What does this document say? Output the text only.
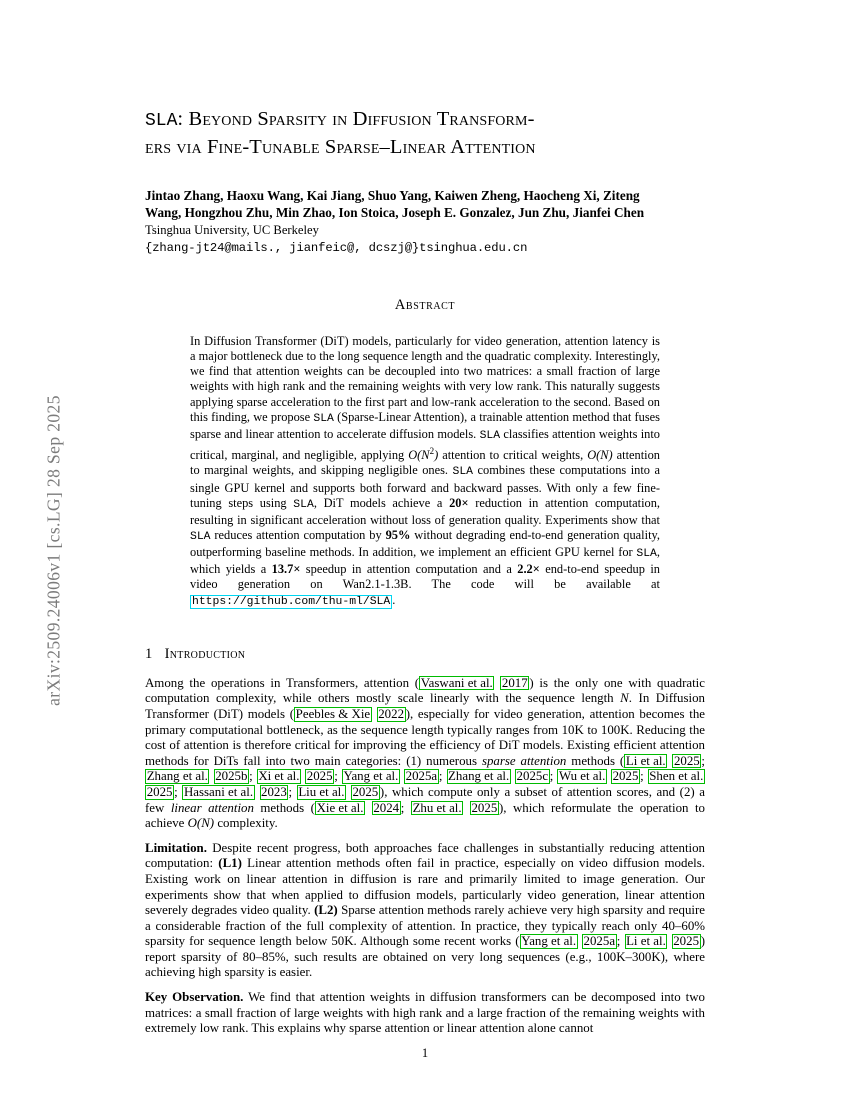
arXiv:2509.24006v1 [cs.LG] 28 Sep 2025
SLA: Beyond Sparsity in Diffusion Transform-
ers via Fine-Tunable Sparse–Linear Attention
Jintao Zhang, Haoxu Wang, Kai Jiang, Shuo Yang, Kaiwen Zheng, Haocheng Xi, Ziteng
Wang, Hongzhou Zhu, Min Zhao, Ion Stoica, Joseph E. Gonzalez, Jun Zhu, Jianfei Chen
Tsinghua University, UC Berkeley
{zhang-jt24@mails., jianfeic@, dcszj@}tsinghua.edu.cn
Abstract
In Diffusion Transformer (DiT) models, particularly for video generation, attention latency is a major bottleneck due to the long sequence length and the quadratic complexity. Interestingly, we find that attention weights can be decoupled into two matrices: a small fraction of large weights with high rank and the remaining weights with very low rank. This naturally suggests applying sparse acceleration to the first part and low-rank acceleration to the second. Based on this finding, we propose SLA (Sparse-Linear Attention), a trainable attention method that fuses sparse and linear attention to accelerate diffusion models. SLA classifies attention weights into critical, marginal, and negligible, applying $O(N^2)$ attention to critical weights, O(N) attention to marginal weights, and skipping negligible ones. SLA combines these computations into a single GPU kernel and supports both forward and backward passes. With only a few fine-tuning steps using SLA, DiT models achieve a 20× reduction in attention computation, resulting in significant acceleration without loss of generation quality. Experiments show that SLA reduces attention computation by 95% without degrading end-to-end generation quality, outperforming baseline methods. In addition, we implement an efficient GPU kernel for SLA, which yields a 13.7× speedup in attention computation and a 2.2× end-to-end speedup in video generation on Wan2.1-1.3B. The code will be available at https://github.com/thu-ml/SLA .
1 Introduction

Among the operations in Transformers, attention ( Vaswani et al. 2017 ) is the only one with quadratic computation complexity, while others mostly scale linearly with the sequence length N. In Diffusion Transformer (DiT) models ( Peebles & Xie 2022 ), especially for video generation, attention becomes the primary computational bottleneck, as the sequence length typically ranges from 10K to 100K. Reducing the cost of attention is therefore critical for improving the efficiency of DiT models. Existing efficient attention methods for DiTs fall into two main categories: (1) numerous sparse attention methods ( Li et al. 2025 ; Zhang et al. 2025b ; Xi et al. 2025 ; Yang et al. 2025a ; Zhang et al. 2025c ; Wu et al. 2025 ; Shen et al. 2025 ; Hassani et al. 2023 ; Liu et al. 2025 ), which compute only a subset of attention scores, and (2) a few linear attention methods ( Xie et al. 2024 ; Zhu et al. 2025 ), which reformulate the operation to achieve O(N) complexity.

Limitation. Despite recent progress, both approaches face challenges in substantially reducing attention computation: (L1) Linear attention methods often fail in practice, especially on video diffusion models. Existing work on linear attention in diffusion is rare and primarily limited to image generation. Our experiments show that when applied to diffusion models, particularly video generation, linear attention severely degrades video quality. (L2) Sparse attention methods rarely achieve very high sparsity and require a considerable fraction of the full complexity of attention. In practice, they typically reach only 40–60% sparsity for sequence length below 50K. Although some recent works ( Yang et al. 2025a ; Li et al. 2025 ) report sparsity of 80–85%, such results are obtained on very long sequences (e.g., 100K–300K), where achieving high sparsity is easier.

Key Observation. We find that attention weights in diffusion transformers can be decomposed into two matrices: a small fraction of large weights with high rank and a large fraction of the remaining weights with extremely low rank. This explains why sparse attention or linear attention alone cannot

1
